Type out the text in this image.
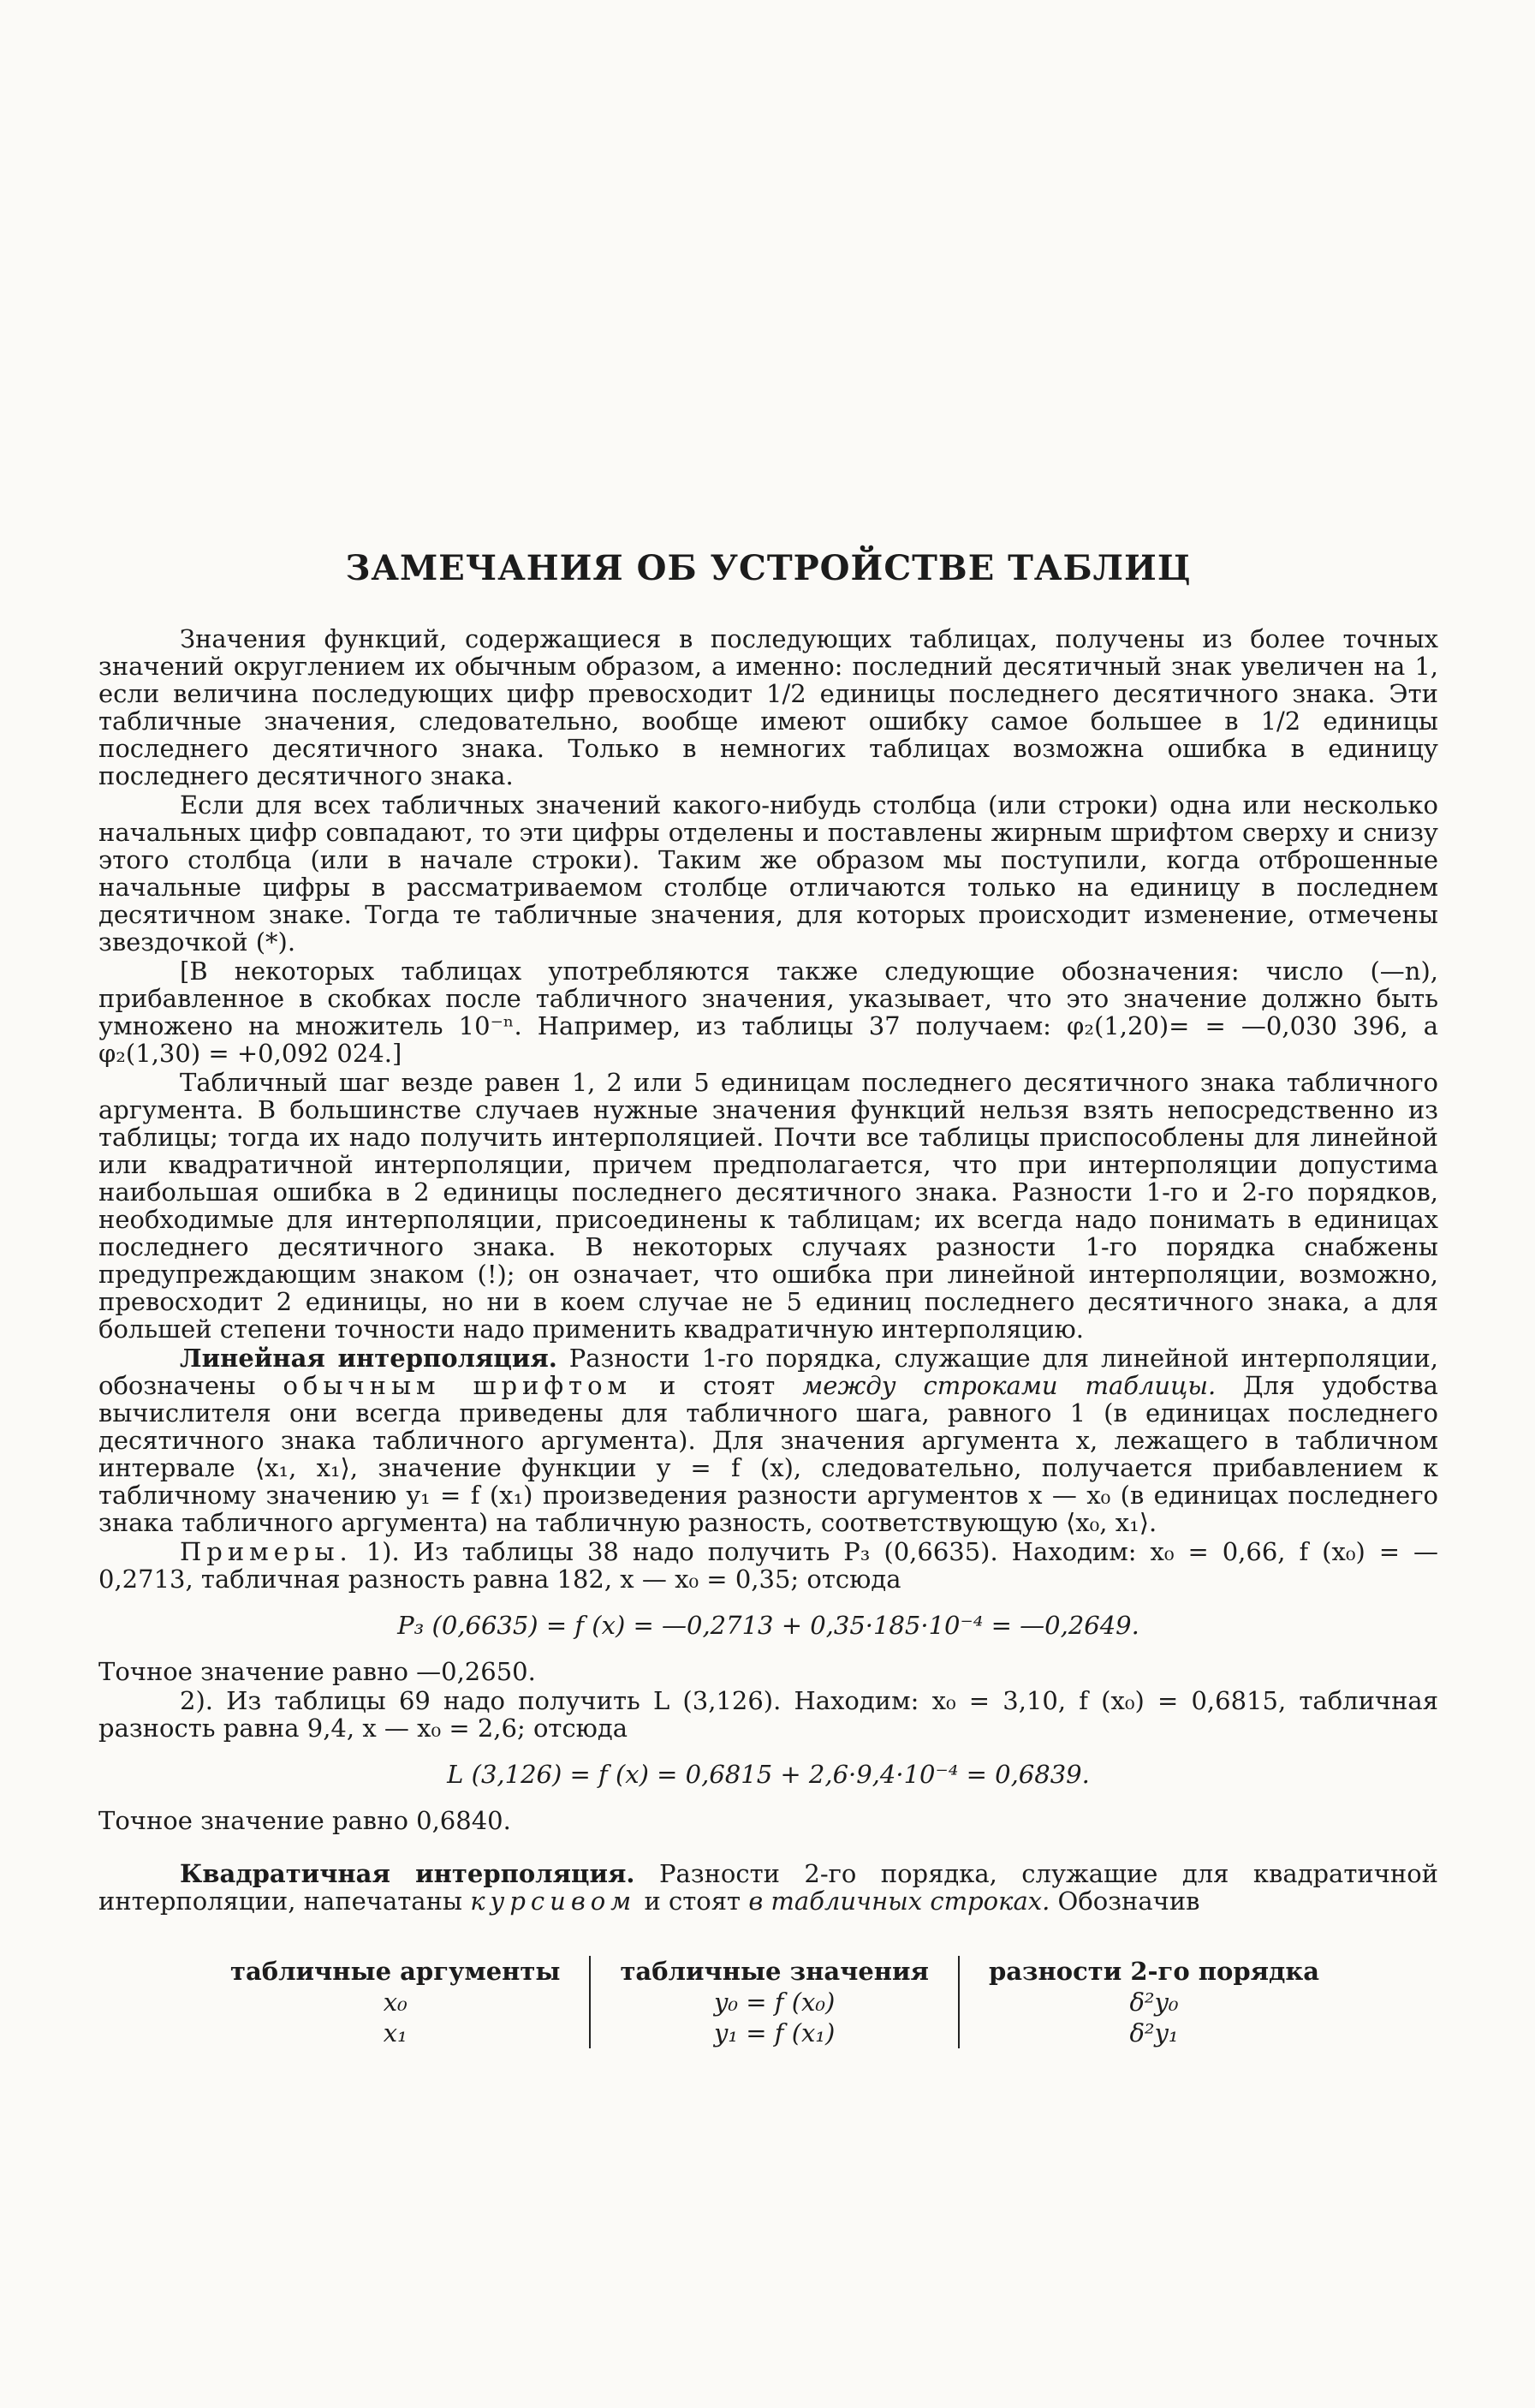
ЗАМЕЧАНИЯ ОБ УСТРОЙСТВЕ ТАБЛИЦ

Значения функций, содержащиеся в последующих таблицах, получены из более точных значений округлением их обычным образом, а именно: последний десятичный знак увеличен на 1, если величина последующих цифр превосходит 1/2 единицы последнего десятичного знака. Эти табличные значения, следовательно, вообще имеют ошибку самое большее в 1/2 единицы последнего десятичного знака. Только в немногих таблицах возможна ошибка в единицу последнего десятичного знака.

Если для всех табличных значений какого-нибудь столбца (или строки) одна или несколько начальных цифр совпадают, то эти цифры отделены и поставлены жирным шрифтом сверху и снизу этого столбца (или в начале строки). Таким же образом мы поступили, когда отброшенные начальные цифры в рассматриваемом столбце отличаются только на единицу в последнем десятичном знаке. Тогда те табличные значения, для которых происходит изменение, отмечены звездочкой (*).

[В некоторых таблицах употребляются также следующие обозначения: число (—n), прибавленное в скобках после табличного значения, указывает, что это значение должно быть умножено на множитель 10⁻ⁿ. Например, из таблицы 37 получаем: φ₂(1,20)= = —0,030 396, а φ₂(1,30) = +0,092 024.]

Табличный шаг везде равен 1, 2 или 5 единицам последнего десятичного знака табличного аргумента. В большинстве случаев нужные значения функций нельзя взять непосредственно из таблицы; тогда их надо получить интерполяцией. Почти все таблицы приспособлены для линейной или квадратичной интерполяции, причем предполагается, что при интерполяции допустима наибольшая ошибка в 2 единицы последнего десятичного знака. Разности 1-го и 2-го порядков, необходимые для интерполяции, присоединены к таблицам; их всегда надо понимать в единицах последнего десятичного знака. В некоторых случаях разности 1-го порядка снабжены предупреждающим знаком (!); он означает, что ошибка при линейной интерполяции, возможно, превосходит 2 единицы, но ни в коем случае не 5 единиц последнего десятичного знака, а для большей степени точности надо применить квадратичную интерполяцию.

Линейная интерполяция. Разности 1-го порядка, служащие для линейной интерполяции, обозначены обычным шрифтом и стоят между строками таблицы. Для удобства вычислителя они всегда приведены для табличного шага, равного 1 (в единицах последнего десятичного знака табличного аргумента). Для значения аргумента x, лежащего в табличном интервале ⟨x₁, x₁⟩, значение функции y = f (x), следовательно, получается прибавлением к табличному значению y₁ = f (x₁) произведения разности аргументов x — x₀ (в единицах последнего знака табличного аргумента) на табличную разность, соответствующую ⟨x₀, x₁⟩.

Примеры. 1). Из таблицы 38 надо получить P₃ (0,6635). Находим: x₀ = 0,66, f (x₀) = —0,2713, табличная разность равна 182, x — x₀ = 0,35; отсюда

P₃ (0,6635) = f (x) = —0,2713 + 0,35·185·10⁻⁴ = —0,2649.

Точное значение равно —0,2650.

2). Из таблицы 69 надо получить L (3,126). Находим: x₀ = 3,10, f (x₀) = 0,6815, табличная разность равна 9,4, x — x₀ = 2,6; отсюда

L (3,126) = f (x) = 0,6815 + 2,6·9,4·10⁻⁴ = 0,6839.

Точное значение равно 0,6840.

Квадратичная интерполяция. Разности 2-го порядка, служащие для квадратичной интерполяции, напечатаны курсивом и стоят в табличных строках. Обозначив

табличные аргументы	табличные значения	разности 2-го порядка
x₀	y₀ = f (x₀)	δ²y₀
x₁	y₁ = f (x₁)	δ²y₁
